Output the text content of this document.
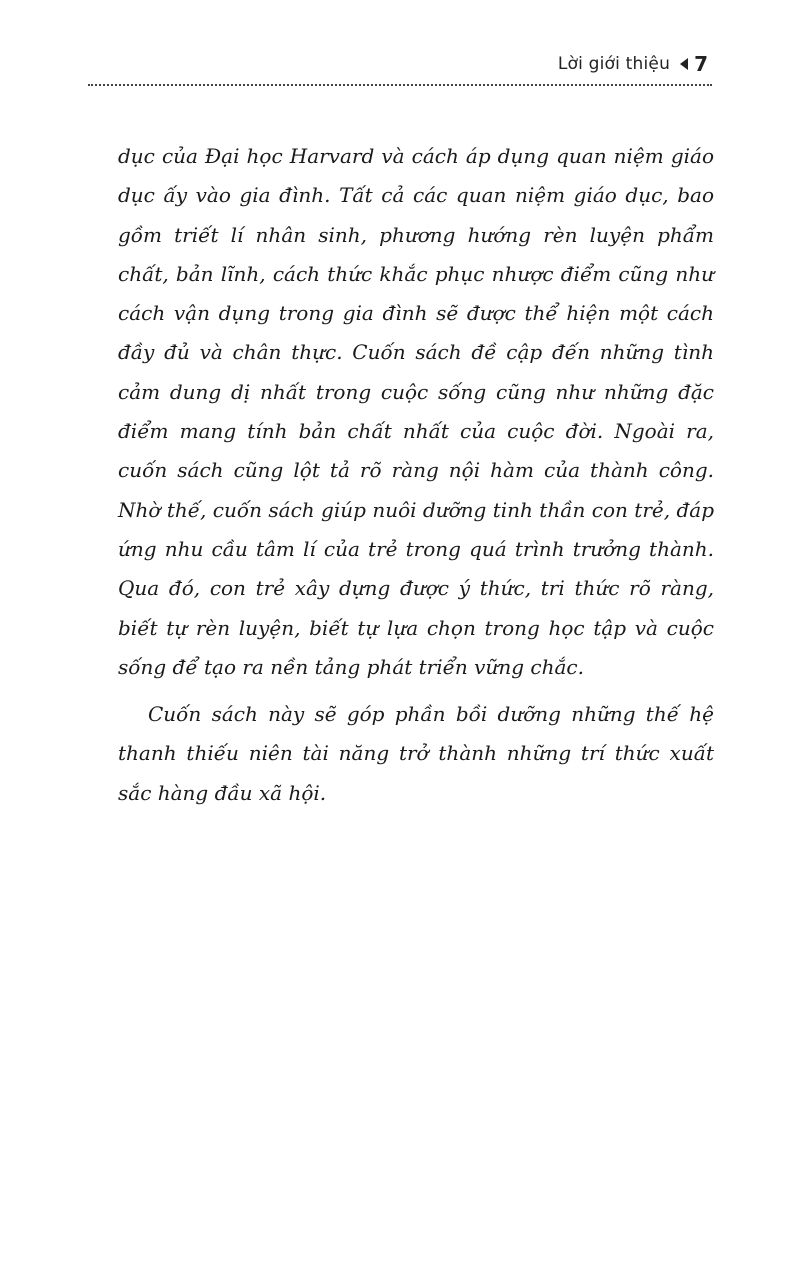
Lời giới thiệu 7

dục của Đại học Harvard và cách áp dụng quan niệm giáo dục ấy vào gia đình. Tất cả các quan niệm giáo dục, bao gồm triết lí nhân sinh, phương hướng rèn luyện phẩm chất, bản lĩnh, cách thức khắc phục nhược điểm cũng như cách vận dụng trong gia đình sẽ được thể hiện một cách đầy đủ và chân thực. Cuốn sách đề cập đến những tình cảm dung dị nhất trong cuộc sống cũng như những đặc điểm mang tính bản chất nhất của cuộc đời. Ngoài ra, cuốn sách cũng lột tả rõ ràng nội hàm của thành công. Nhờ thế, cuốn sách giúp nuôi dưỡng tinh thần con trẻ, đáp ứng nhu cầu tâm lí của trẻ trong quá trình trưởng thành. Qua đó, con trẻ xây dựng được ý thức, tri thức rõ ràng, biết tự rèn luyện, biết tự lựa chọn trong học tập và cuộc sống để tạo ra nền tảng phát triển vững chắc.

Cuốn sách này sẽ góp phần bồi dưỡng những thế hệ thanh thiếu niên tài năng trở thành những trí thức xuất sắc hàng đầu xã hội.
